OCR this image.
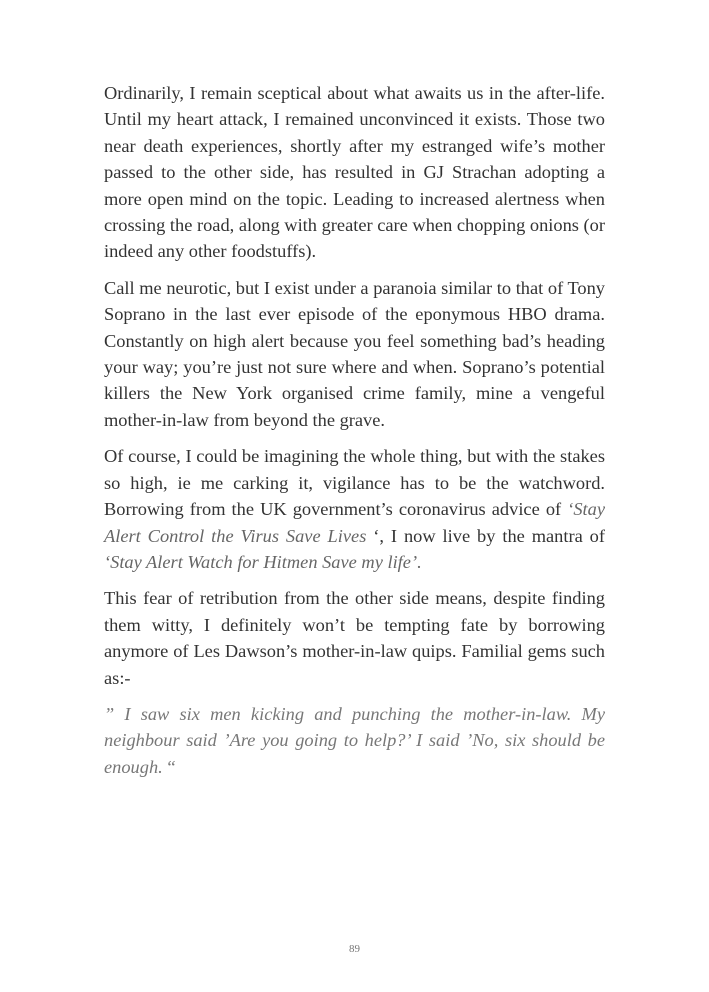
Ordinarily, I remain sceptical about what awaits us in the after-life. Until my heart attack, I remained unconvinced it exists. Those two near death experiences, shortly after my estranged wife’s mother passed to the other side, has resulted in GJ Strachan adopting a more open mind on the topic. Leading to increased alertness when crossing the road, along with greater care when chopping onions (or indeed any other foodstuffs).

Call me neurotic, but I exist under a paranoia similar to that of Tony Soprano in the last ever episode of the eponymous HBO drama. Constantly on high alert because you feel something bad’s heading your way; you’re just not sure where and when. Soprano’s potential killers the New York organised crime family, mine a vengeful mother-in-law from beyond the grave.

Of course, I could be imagining the whole thing, but with the stakes so high, ie me carking it, vigilance has to be the watchword. Borrowing from the UK government’s coronavirus advice of ‘Stay Alert Control the Virus Save Lives ‘, I now live by the mantra of ‘Stay Alert Watch for Hitmen Save my life’.

This fear of retribution from the other side means, despite finding them witty, I definitely won’t be tempting fate by borrowing anymore of Les Dawson’s mother-in-law quips. Familial gems such as:-

” I saw six men kicking and punching the mother-in-law. My neighbour said ’Are you going to help?’ I said ’No, six should be enough. “

89
